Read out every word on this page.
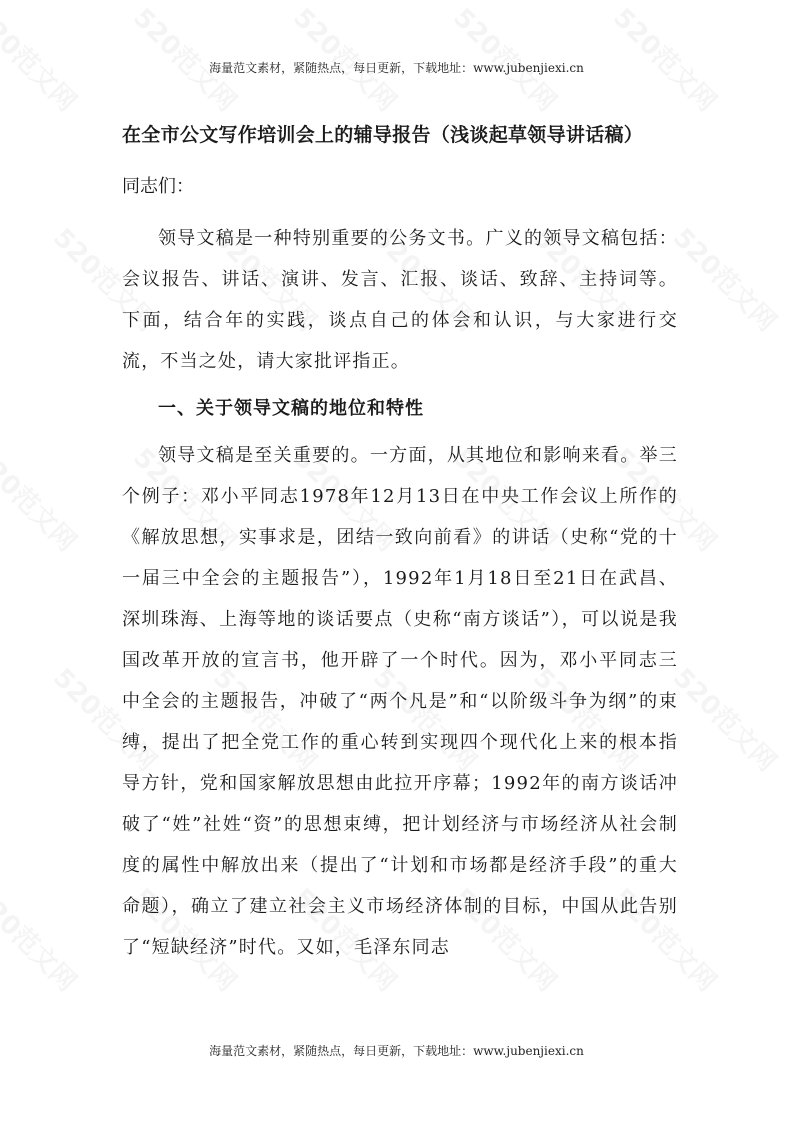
海量范文素材，紧随热点，每日更新，下载地址：www.jubenjiexi.cn
在全市公文写作培训会上的辅导报告（浅谈起草领导讲话稿）

同志们：

领导文稿是一种特别重要的公务文书。广义的领导文稿包括：会议报告、讲话、演讲、发言、汇报、谈话、致辞、主持词等。下面，结合年的实践，谈点自己的体会和认识，与大家进行交流，不当之处，请大家批评指正。

一、关于领导文稿的地位和特性

领导文稿是至关重要的。一方面，从其地位和影响来看。举三个例子：邓小平同志1978年12月13日在中央工作会议上所作的《解放思想，实事求是，团结一致向前看》的讲话（史称“党的十一届三中全会的主题报告”），1992年1月18日至21日在武昌、深圳珠海、上海等地的谈话要点（史称“南方谈话”），可以说是我国改革开放的宣言书，他开辟了一个时代。因为，邓小平同志三中全会的主题报告，冲破了“两个凡是”和“以阶级斗争为纲”的束缚，提出了把全党工作的重心转到实现四个现代化上来的根本指导方针，党和国家解放思想由此拉开序幕；1992年的南方谈话冲破了“姓”社姓“资”的思想束缚，把计划经济与市场经济从社会制度的属性中解放出来（提出了“计划和市场都是经济手段”的重大命题），确立了建立社会主义市场经济体制的目标，中国从此告别了“短缺经济”时代。又如，毛泽东同志

海量范文素材，紧随热点，每日更新，下载地址：www.jubenjiexi.cn
